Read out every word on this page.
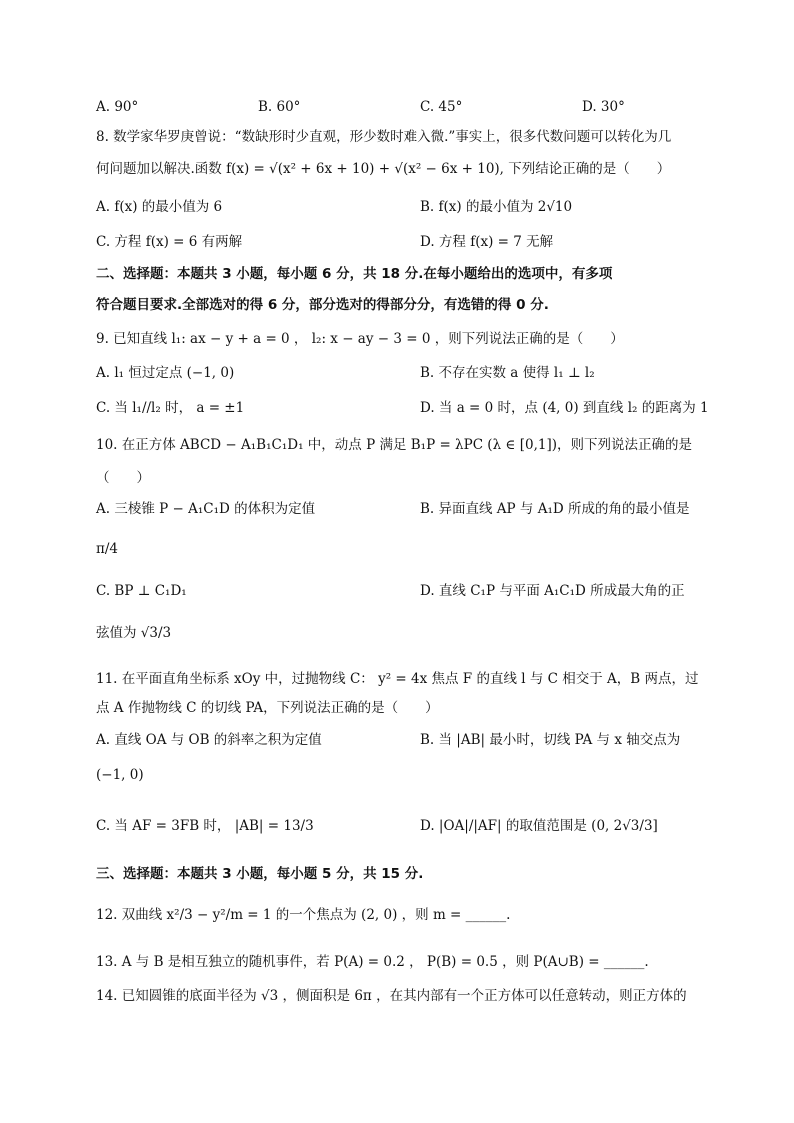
A. 90°	B. 60°	C. 45°	D. 30°
8. 数学家华罗庚曾说：“数缺形时少直观，形少数时难入微.”事实上，很多代数问题可以转化为几
何问题加以解决.函数 f(x) = √(x² + 6x + 10) + √(x² − 6x + 10), 下列结论正确的是（　　）
A. f(x) 的最小值为 6	B. f(x) 的最小值为 2√10
C. 方程 f(x) = 6 有两解	D. 方程 f(x) = 7 无解
二、选择题：本题共 3 小题，每小题 6 分，共 18 分.在每小题给出的选项中，有多项
符合题目要求.全部选对的得 6 分，部分选对的得部分分，有选错的得 0 分.
9. 已知直线 l₁: ax − y + a = 0 ， l₂: x − ay − 3 = 0 ，则下列说法正确的是（　　）
A. l₁ 恒过定点 (−1, 0)	B. 不存在实数 a 使得 l₁ ⊥ l₂
C. 当 l₁//l₂ 时， a = ±1	D. 当 a = 0 时，点 (4, 0) 到直线 l₂ 的距离为 1
10. 在正方体 ABCD − A₁B₁C₁D₁ 中，动点 P 满足 B₁P = λPC (λ ∈ [0,1])，则下列说法正确的是
（　　）
A. 三棱锥 P − A₁C₁D 的体积为定值	B. 异面直线 AP 与 A₁D 所成的角的最小值是
π/4
C. BP ⊥ C₁D₁	D. 直线 C₁P 与平面 A₁C₁D 所成最大角的正
弦值为 √3/3
11. 在平面直角坐标系 xOy 中，过抛物线 C： y² = 4x 焦点 F 的直线 l 与 C 相交于 A，B 两点，过
点 A 作抛物线 C 的切线 PA，下列说法正确的是（　　）
A. 直线 OA 与 OB 的斜率之积为定值	B. 当 |AB| 最小时，切线 PA 与 x 轴交点为
(−1, 0)
C. 当 AF = 3FB 时， |AB| = 13/3	D. |OA|/|AF| 的取值范围是 (0, 2√3/3]
三、选择题：本题共 3 小题，每小题 5 分，共 15 分.
12. 双曲线 x²/3 − y²/m = 1 的一个焦点为 (2, 0) ，则 m = ______.
13. A 与 B 是相互独立的随机事件，若 P(A) = 0.2 ， P(B) = 0.5 ，则 P(A∪B) = ______.
14. 已知圆锥的底面半径为 √3 ，侧面积是 6π ，在其内部有一个正方体可以任意转动，则正方体的
